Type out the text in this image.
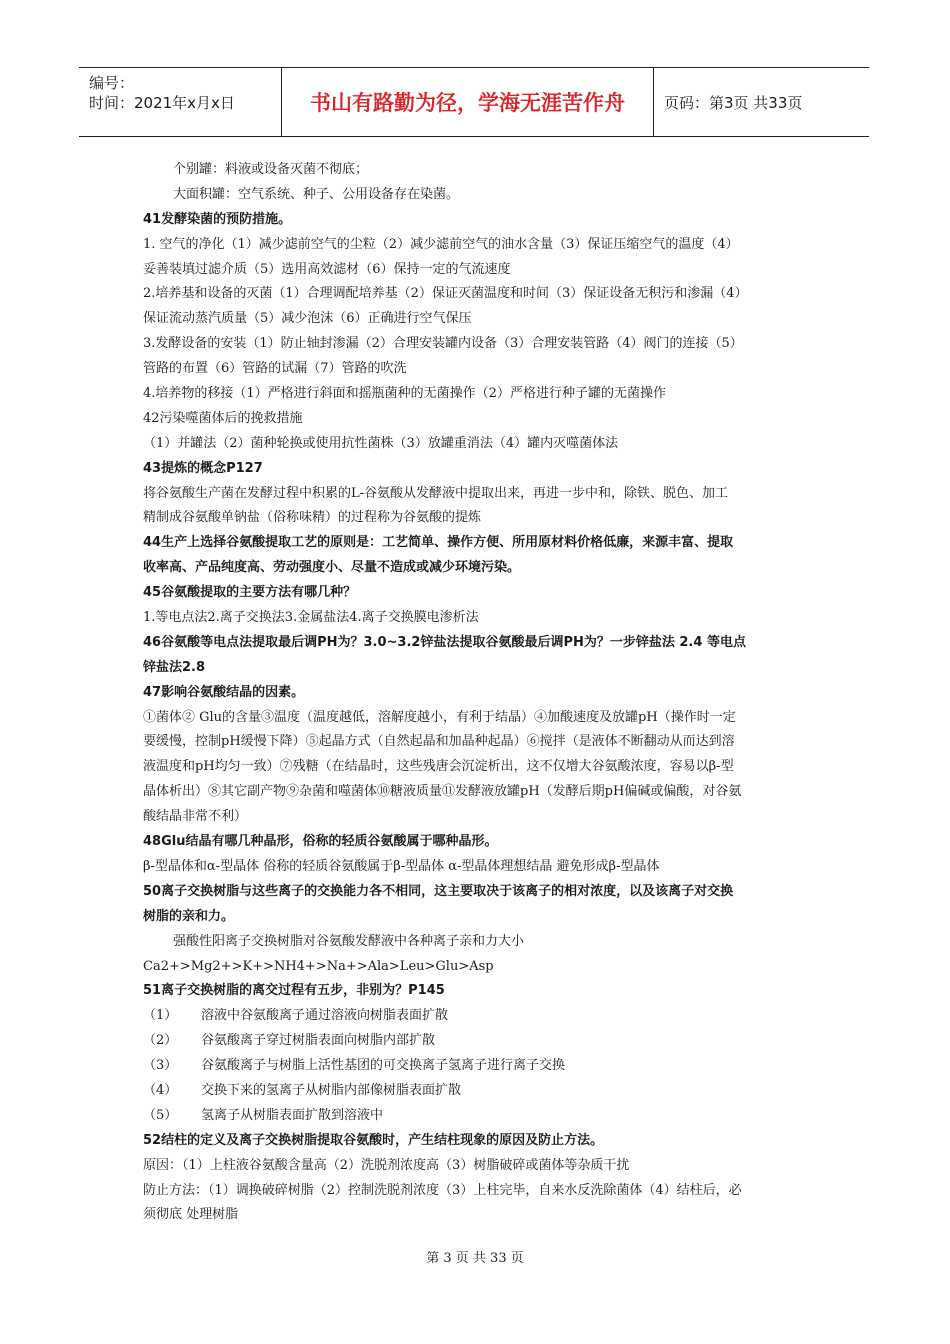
编号：
时间：2021年x月x日	书山有路勤为径，学海无涯苦作舟	页码：第3页 共33页
个别罐：料液或设备灭菌不彻底；
大面积罐：空气系统、种子、公用设备存在染菌。
41发酵染菌的预防措施。
1. 空气的净化（1）减少滤前空气的尘粒（2）减少滤前空气的油水含量（3）保证压缩空气的温度（4）
妥善装填过滤介质（5）选用高效滤材（6）保持一定的气流速度
2.培养基和设备的灭菌（1）合理调配培养基（2）保证灭菌温度和时间（3）保证设备无积污和渗漏（4）
保证流动蒸汽质量（5）减少泡沫（6）正确进行空气保压
3.发酵设备的安装（1）防止轴封渗漏（2）合理安装罐内设备（3）合理安装管路（4）阀门的连接（5）
管路的布置（6）管路的试漏（7）管路的吹洗
4.培养物的移接（1）严格进行斜面和摇瓶菌种的无菌操作（2）严格进行种子罐的无菌操作
42污染噬菌体后的挽救措施
（1）并罐法（2）菌种轮换或使用抗性菌株（3）放罐重消法（4）罐内灭噬菌体法
43提炼的概念P127
将谷氨酸生产菌在发酵过程中积累的L-谷氨酸从发酵液中提取出来，再进一步中和，除铁、脱色、加工
精制成谷氨酸单钠盐（俗称味精）的过程称为谷氨酸的提炼
44生产上选择谷氨酸提取工艺的原则是：工艺简单、操作方便、所用原材料价格低廉，来源丰富、提取
收率高、产品纯度高、劳动强度小、尽量不造成或减少环境污染。
45谷氨酸提取的主要方法有哪几种？
1.等电点法2.离子交换法3.金属盐法4.离子交换膜电渗析法
46谷氨酸等电点法提取最后调PH为？3.0~3.2锌盐法提取谷氨酸最后调PH为？一步锌盐法 2.4 等电点
锌盐法2.8
47影响谷氨酸结晶的因素。
①菌体② Glu的含量③温度（温度越低，溶解度越小，有利于结晶）④加酸速度及放罐pH（操作时一定
要缓慢，控制pH缓慢下降）⑤起晶方式（自然起晶和加晶种起晶）⑥搅拌（是液体不断翻动从而达到溶
液温度和pH均匀一致）⑦残糖（在结晶时，这些残唐会沉淀析出，这不仅增大谷氨酸浓度，容易以β-型
晶体析出）⑧其它副产物⑨杂菌和噬菌体⑩糖液质量⑪发酵液放罐pH（发酵后期pH偏碱或偏酸，对谷氨
酸结晶非常不利）
48Glu结晶有哪几种晶形，俗称的轻质谷氨酸属于哪种晶形。
β-型晶体和α-型晶体 俗称的轻质谷氨酸属于β-型晶体 α-型晶体理想结晶 避免形成β-型晶体
50离子交换树脂与这些离子的交换能力各不相同，这主要取决于该离子的相对浓度，以及该离子对交换
树脂的亲和力。
强酸性阳离子交换树脂对谷氨酸发酵液中各种离子亲和力大小
Ca2+>Mg2+>K+>NH4+>Na+>Ala>Leu>Glu>Asp
51离子交换树脂的离交过程有五步，非别为？P145
（1）	溶液中谷氨酸离子通过溶液向树脂表面扩散
（2）	谷氨酸离子穿过树脂表面向树脂内部扩散
（3）	谷氨酸离子与树脂上活性基团的可交换离子氢离子进行离子交换
（4）	交换下来的氢离子从树脂内部像树脂表面扩散
（5）	氢离子从树脂表面扩散到溶液中
52结柱的定义及离子交换树脂提取谷氨酸时，产生结柱现象的原因及防止方法。
原因：（1）上柱液谷氨酸含量高（2）洗脱剂浓度高（3）树脂破碎或菌体等杂质干扰
防止方法：（1）调换破碎树脂（2）控制洗脱剂浓度（3）上柱完毕，自来水反洗除菌体（4）结柱后，必
须彻底 处理树脂
第 3 页 共 33 页
